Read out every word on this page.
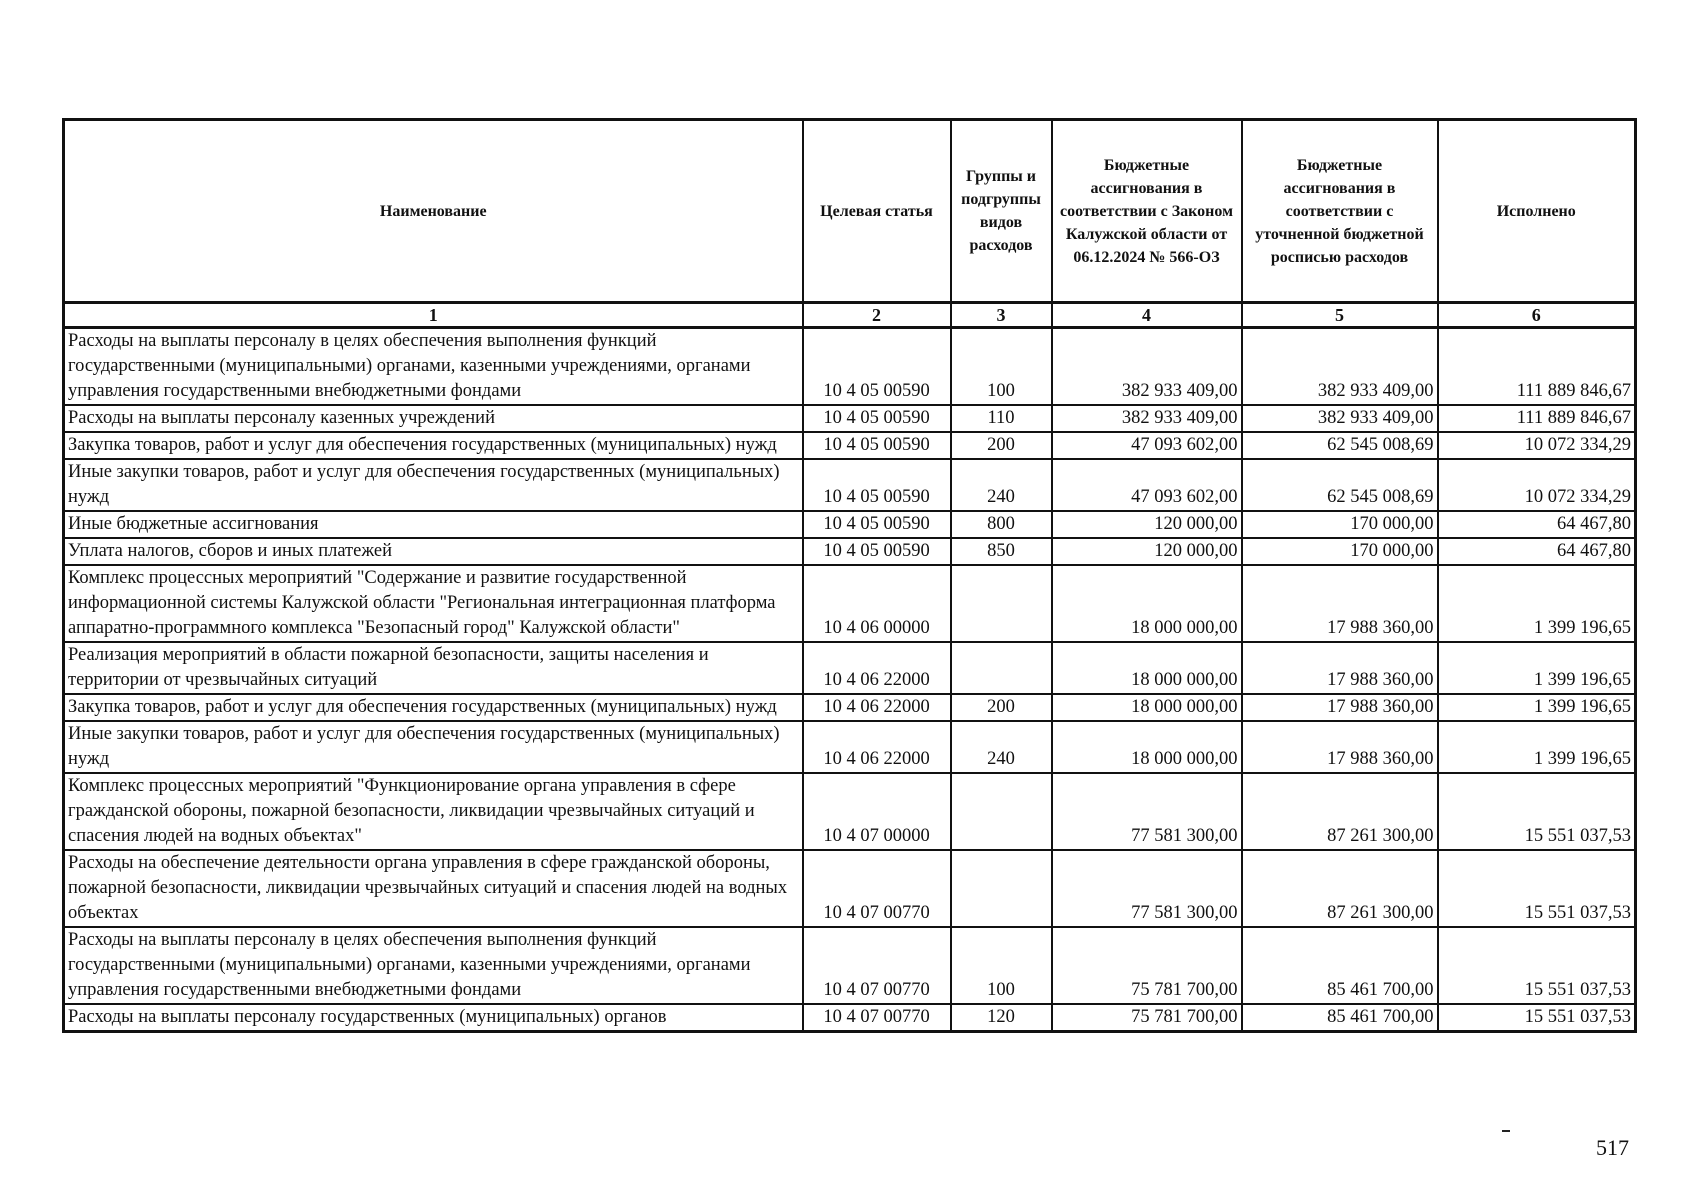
Наименование	Целевая статья	Группы и подгруппы видов расходов	Бюджетные ассигнования в соответствии с Законом Калужской области от 06.12.2024 № 566-ОЗ	Бюджетные ассигнования в соответствии с уточненной бюджетной росписью расходов	Исполнено
1	2	3	4	5	6
Расходы на выплаты персоналу в целях обеспечения выполнения функций государственными (муниципальными) органами, казенными учреждениями, органами управления государственными внебюджетными фондами	10 4 05 00590	100	382 933 409,00	382 933 409,00	111 889 846,67
Расходы на выплаты персоналу казенных учреждений	10 4 05 00590	110	382 933 409,00	382 933 409,00	111 889 846,67
Закупка товаров, работ и услуг для обеспечения государственных (муниципальных) нужд	10 4 05 00590	200	47 093 602,00	62 545 008,69	10 072 334,29
Иные закупки товаров, работ и услуг для обеспечения государственных (муниципальных) нужд	10 4 05 00590	240	47 093 602,00	62 545 008,69	10 072 334,29
Иные бюджетные ассигнования	10 4 05 00590	800	120 000,00	170 000,00	64 467,80
Уплата налогов, сборов и иных платежей	10 4 05 00590	850	120 000,00	170 000,00	64 467,80
Комплекс процессных мероприятий "Содержание и развитие государственной информационной системы Калужской области "Региональная интеграционная платформа аппаратно-программного комплекса "Безопасный город" Калужской области"	10 4 06 00000		18 000 000,00	17 988 360,00	1 399 196,65
Реализация мероприятий в области пожарной безопасности, защиты населения и территории от чрезвычайных ситуаций	10 4 06 22000		18 000 000,00	17 988 360,00	1 399 196,65
Закупка товаров, работ и услуг для обеспечения государственных (муниципальных) нужд	10 4 06 22000	200	18 000 000,00	17 988 360,00	1 399 196,65
Иные закупки товаров, работ и услуг для обеспечения государственных (муниципальных) нужд	10 4 06 22000	240	18 000 000,00	17 988 360,00	1 399 196,65
Комплекс процессных мероприятий "Функционирование органа управления в сфере гражданской обороны, пожарной безопасности, ликвидации чрезвычайных ситуаций и спасения людей на водных объектах"	10 4 07 00000		77 581 300,00	87 261 300,00	15 551 037,53
Расходы на обеспечение деятельности органа управления в сфере гражданской обороны, пожарной безопасности, ликвидации чрезвычайных ситуаций и спасения людей на водных объектах	10 4 07 00770		77 581 300,00	87 261 300,00	15 551 037,53
Расходы на выплаты персоналу в целях обеспечения выполнения функций государственными (муниципальными) органами, казенными учреждениями, органами управления государственными внебюджетными фондами	10 4 07 00770	100	75 781 700,00	85 461 700,00	15 551 037,53
Расходы на выплаты персоналу государственных (муниципальных) органов	10 4 07 00770	120	75 781 700,00	85 461 700,00	15 551 037,53
517
